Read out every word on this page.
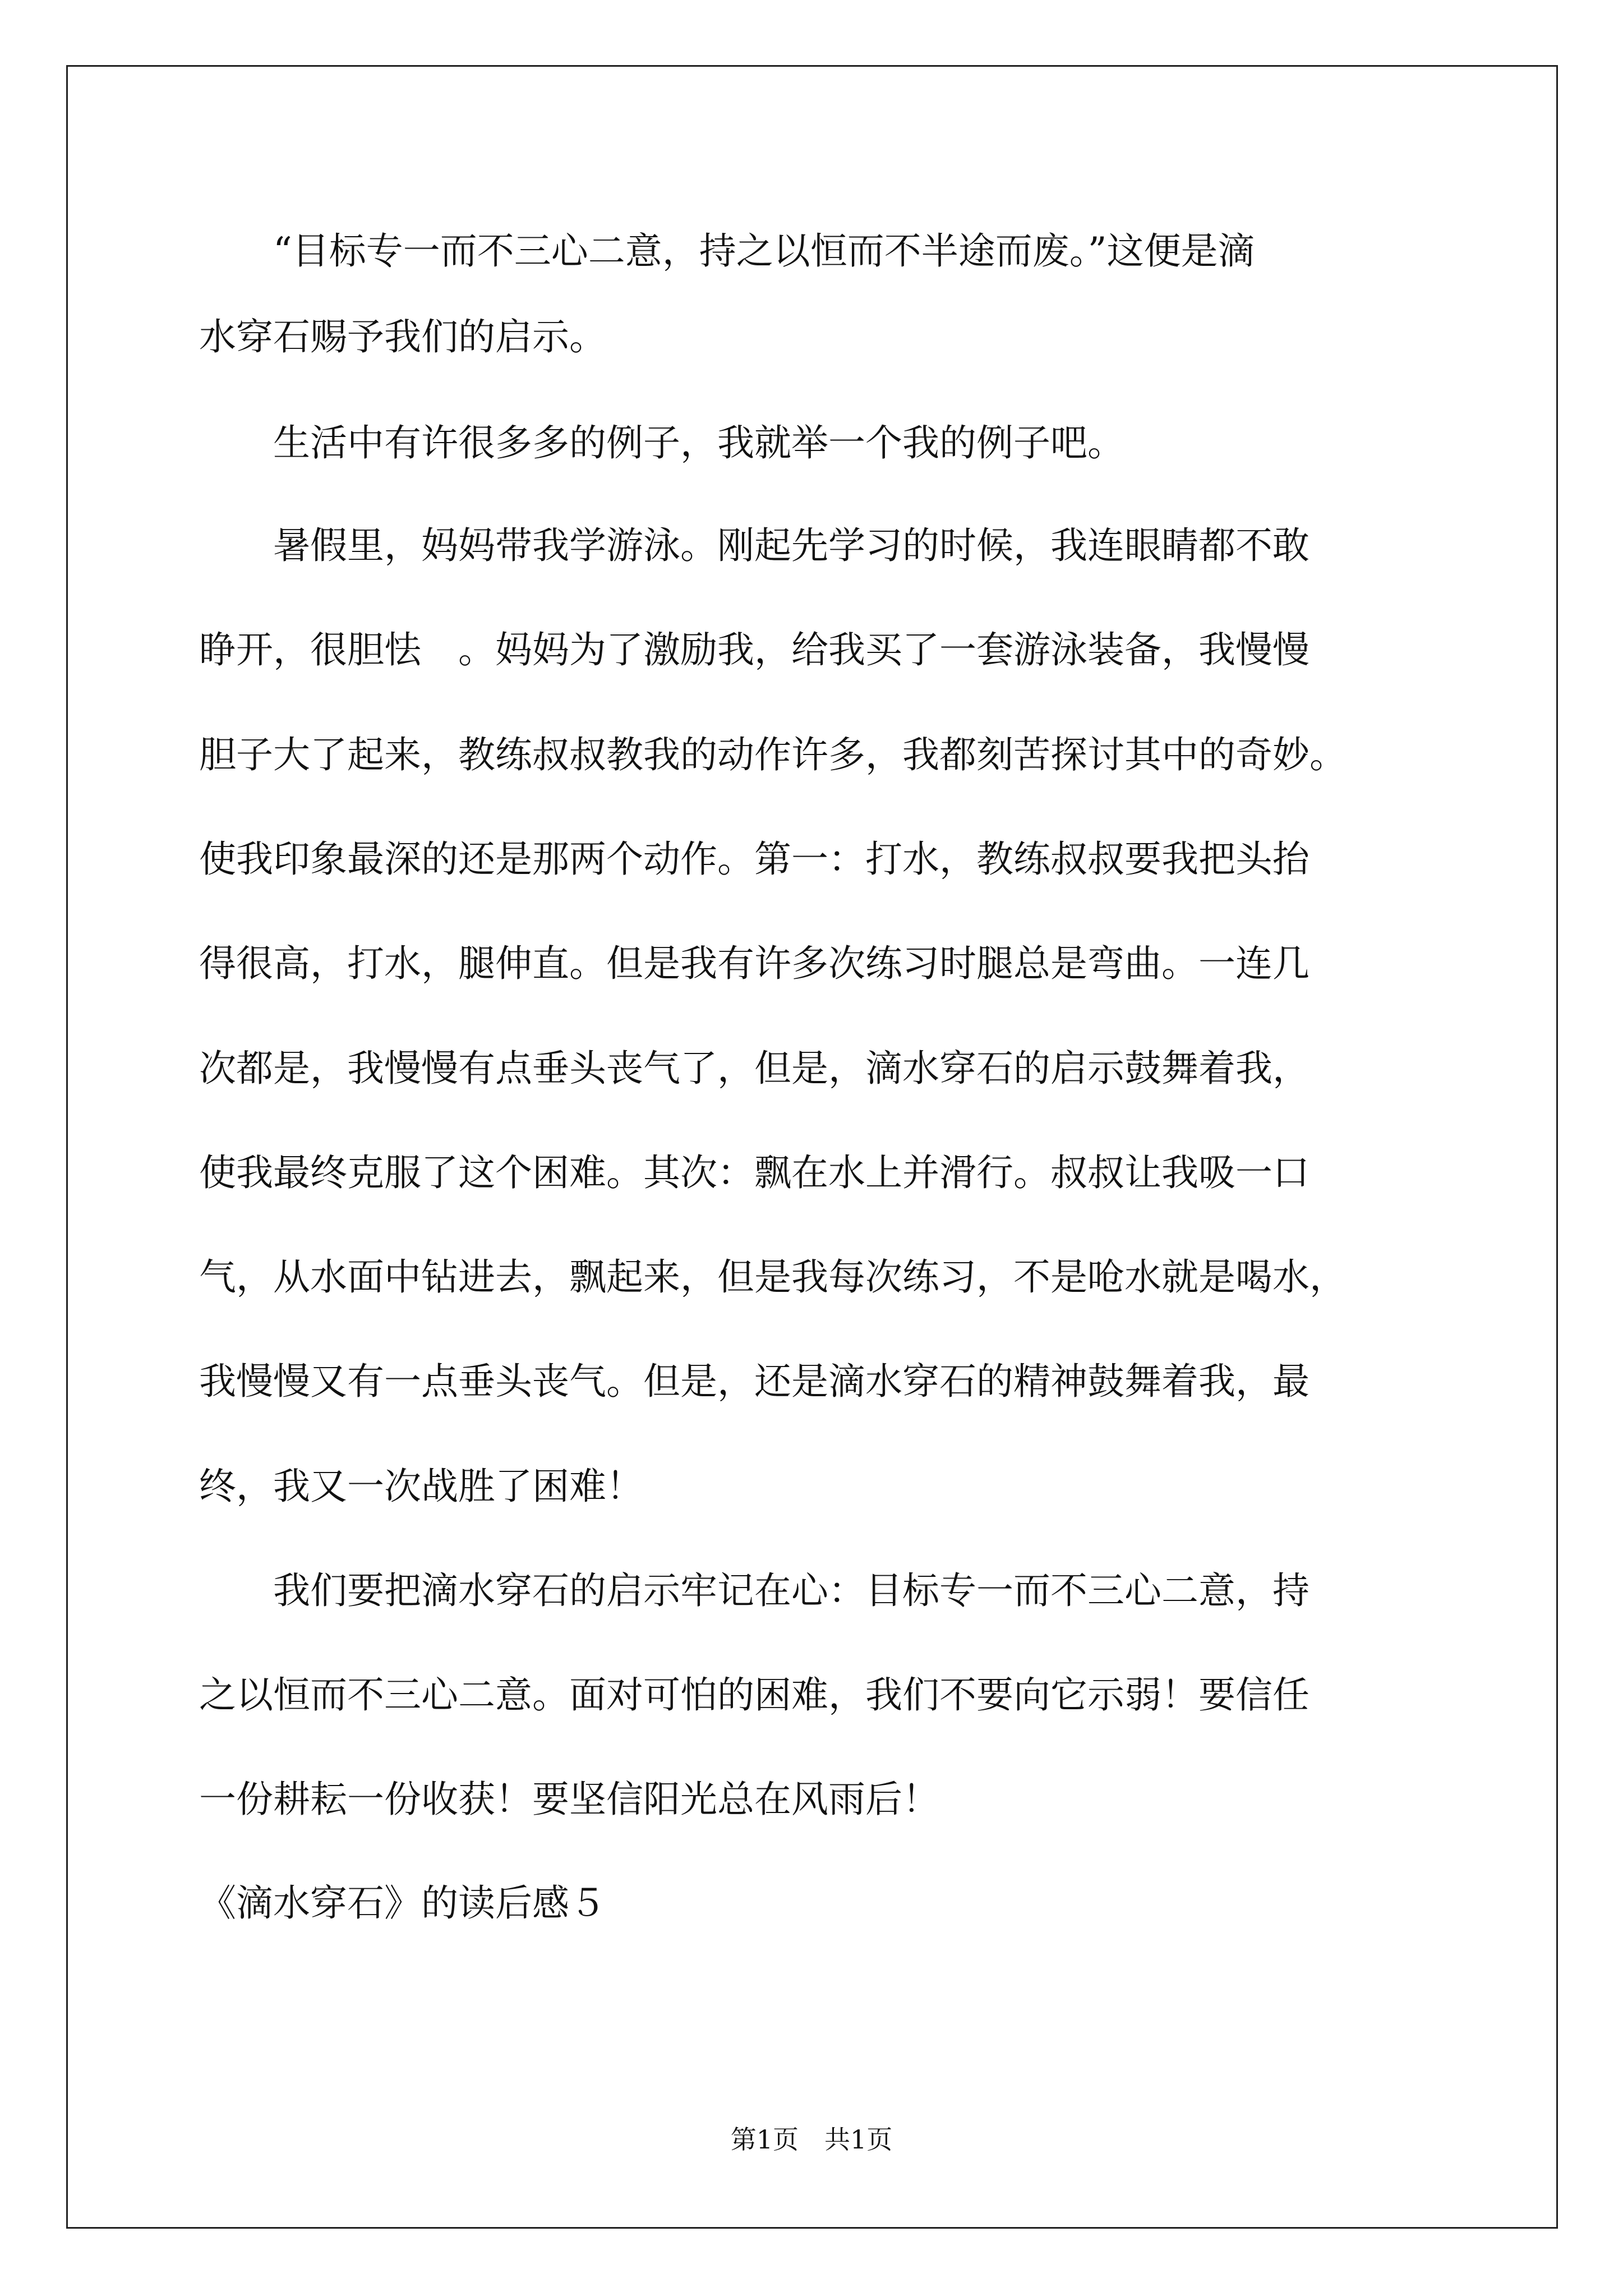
　　“目标专一而不三心二意，持之以恒而不半途而废。”这便是滴
水穿石赐予我们的启示。
　　生活中有许很多多的例子，我就举一个我的例子吧。
　　暑假里，妈妈带我学游泳。刚起先学习的时候，我连眼睛都不敢
睁开，很胆怯　。妈妈为了激励我，给我买了一套游泳装备，我慢慢
胆子大了起来，教练叔叔教我的动作许多，我都刻苦探讨其中的奇妙。
使我印象最深的还是那两个动作。第一：打水，教练叔叔要我把头抬
得很高，打水，腿伸直。但是我有许多次练习时腿总是弯曲。一连几
次都是，我慢慢有点垂头丧气了，但是，滴水穿石的启示鼓舞着我，
使我最终克服了这个困难。其次：飘在水上并滑行。叔叔让我吸一口
气，从水面中钻进去，飘起来，但是我每次练习，不是呛水就是喝水，
我慢慢又有一点垂头丧气。但是，还是滴水穿石的精神鼓舞着我，最
终，我又一次战胜了困难！
　　我们要把滴水穿石的启示牢记在心：目标专一而不三心二意，持
之以恒而不三心二意。面对可怕的困难，我们不要向它示弱！要信任
一份耕耘一份收获！要坚信阳光总在风雨后！
《滴水穿石》的读后感５
第1页　共1页
